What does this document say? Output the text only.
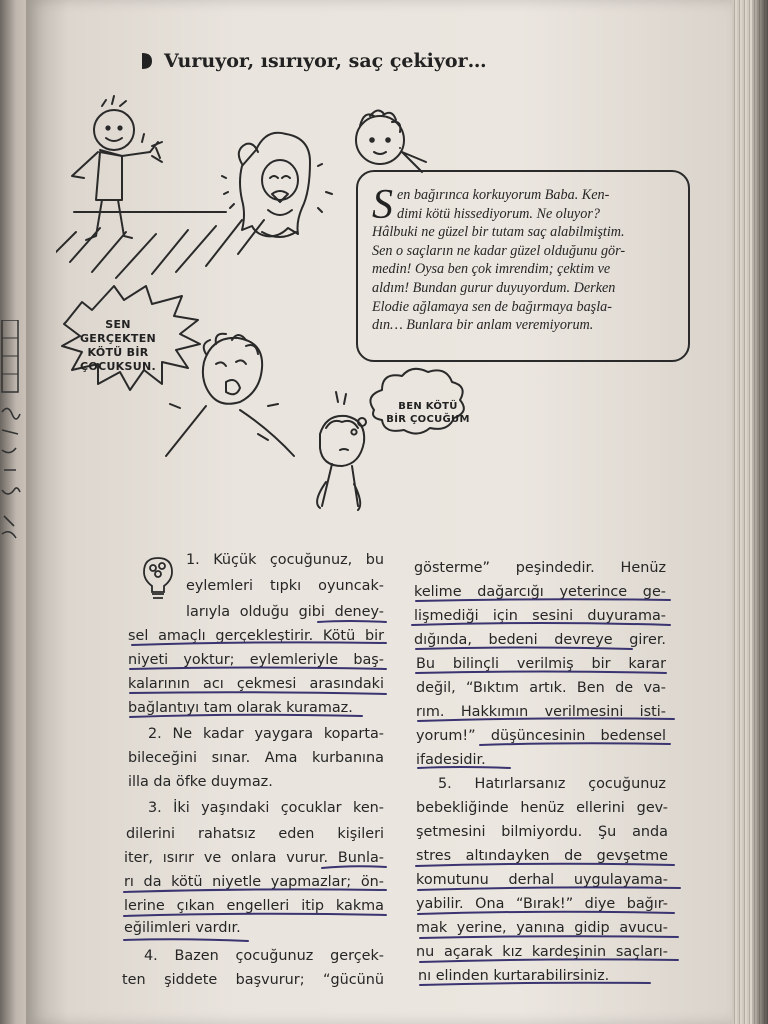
Vuruyor, ısırıyor, saç çekiyor…
SEN
GERÇEKTEN
KÖTÜ BİR
ÇOCUKSUN.
BEN KÖTÜ
BİR ÇOCUĞUM
S en bağırınca korkuyorum Baba. Ken-

dimi kötü hissediyorum. Ne oluyor?

Hâlbuki ne güzel bir tutam saç alabilmiştim.

Sen o saçların ne kadar güzel olduğunu gör-

medin! Oysa ben çok imrendim; çektim ve

aldım! Bundan gurur duyuyordum. Derken

Elodie ağlamaya sen de bağırmaya başla-

dın… Bunlara bir anlam veremiyorum.

1. Küçük çocuğunuz, bu
eylemleri tıpkı oyuncak-
larıyla olduğu gibi deney-
sel amaçlı gerçekleştirir. Kötü bir
niyeti yoktur; eylemleriyle baş-
kalarının acı çekmesi arasındaki
bağlantıyı tam olarak kuramaz.
2. Ne kadar yaygara kopartа-
bileceğini sınar. Ama kurbanına
illa da öfke duymaz.
3. İki yaşındaki çocuklar ken-
dilerini rahatsız eden kişileri
iter, ısırır ve onlara vurur. Bunla-
rı da kötü niyetle yapmazlar; ön-
lerine çıkan engelleri itip kakma
eğilimleri vardır.
4. Bazen çocuğunuz gerçek-
ten şiddete başvurur; “gücünü
gösterme” peşindedir. Henüz
kelime dağarcığı yeterince ge-
lişmediği için sesini duyurama-
dığında, bedeni devreye girer.
Bu bilinçli verilmiş bir karar
değil, “Bıktım artık. Ben de va-
rım. Hakkımın verilmesini isti-
yorum!” düşüncesinin bedensel
ifadesidir.
5. Hatırlarsanız çocuğunuz
bebekliğinde henüz ellerini gev-
şetmesini bilmiyordu. Şu anda
stres altındayken de gevşetme
komutunu derhal uygulayama-
yabilir. Ona “Bırak!” diye bağır-
mak yerine, yanına gidip avucu-
nu açarak kız kardeşinin saçları-
nı elinden kurtarabilirsiniz.
